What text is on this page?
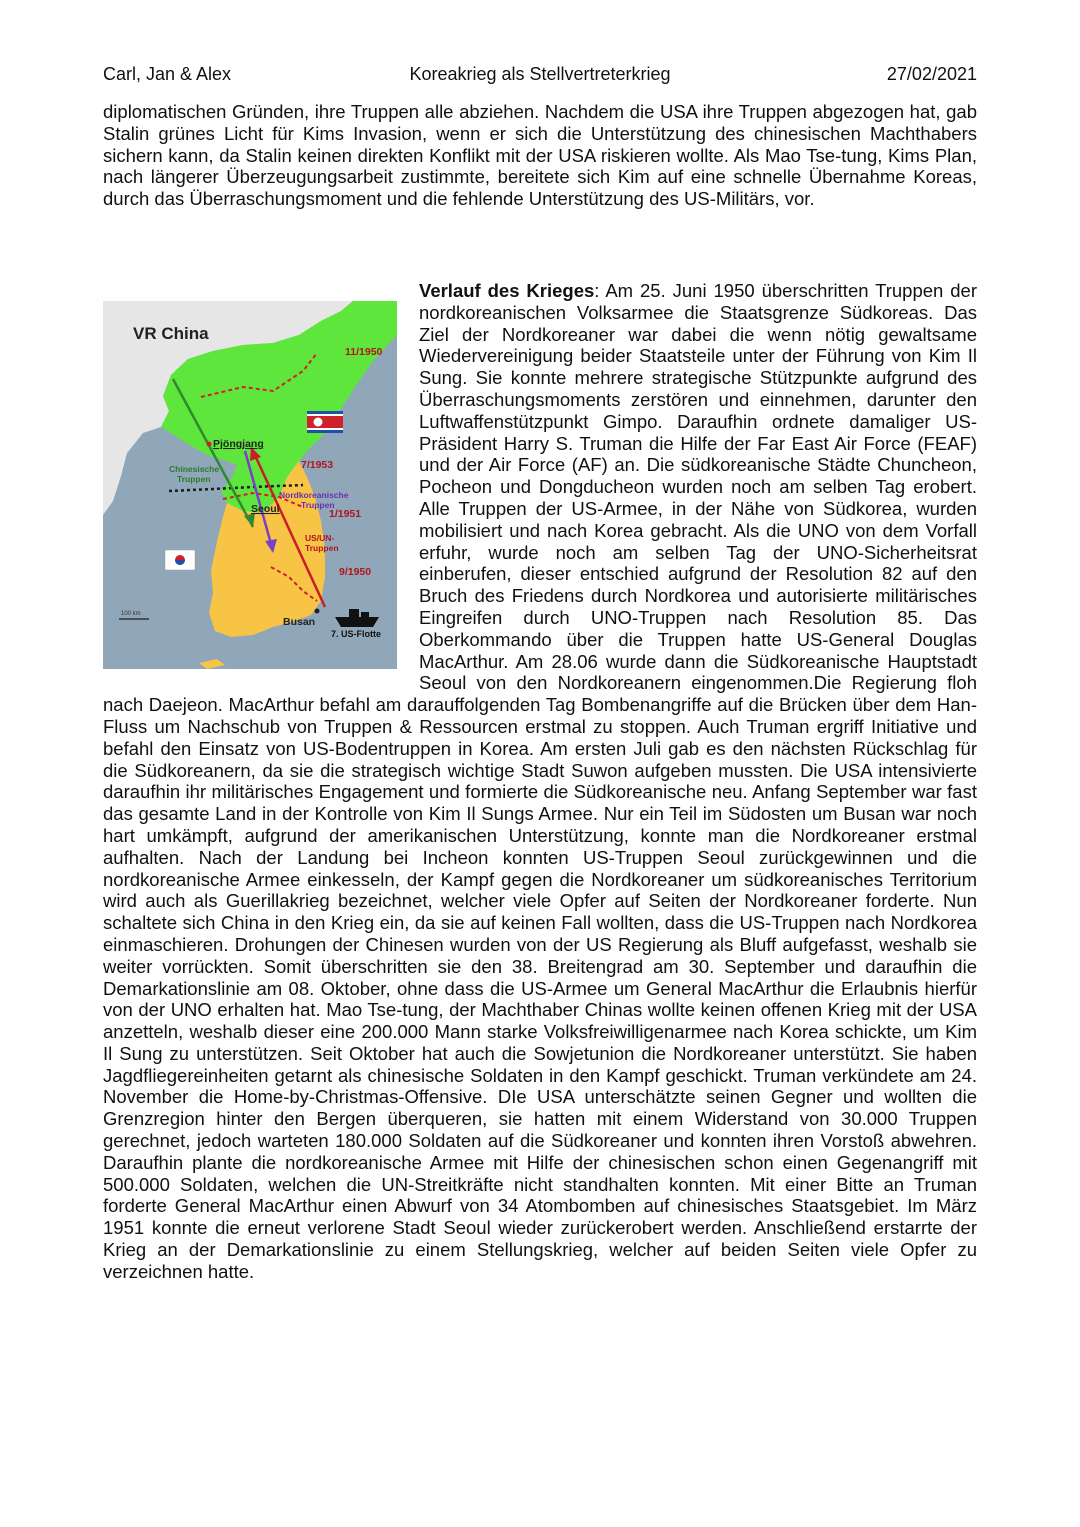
Carl, Jan & Alex	Koreakrieg als Stellvertreterkrieg	27/02/2021

diplomatischen Gründen, ihre Truppen alle abziehen. Nachdem die USA ihre Truppen abgezogen hat, gab Stalin grünes Licht für Kims Invasion, wenn er sich die Unterstützung des chinesischen Machthabers sichern kann, da Stalin keinen direkten Konflikt mit der USA riskieren wollte. Als Mao Tse-tung, Kims Plan, nach längerer Überzeugungsarbeit zustimmte, bereitete sich Kim auf eine schnelle Übernahme Koreas, durch das Überraschungsmoment und die fehlende Unterstützung des US-Militärs, vor.

VR China
11/1950
Pjöngjang
Chinesische
Truppen
7/1953
Nordkoreanische
Truppen
Seoul	1/1951
US/UN-
Truppen
9/1950
Busan
7. US-Flotte
100 km

Verlauf des Krieges: Am 25. Juni 1950 überschritten Truppen der nordkoreanischen Volksarmee die Staatsgrenze Südkoreas. Das Ziel der Nordkoreaner war dabei die wenn nötig gewaltsame Wiedervereinigung beider Staatsteile unter der Führung von Kim Il Sung. Sie konnte mehrere strategische Stützpunkte aufgrund des Überraschungsmoments zerstören und einnehmen, darunter den Luftwaffenstützpunkt Gimpo. Daraufhin ordnete damaliger US-Präsident Harry S. Truman die Hilfe der Far East Air Force (FEAF) und der Air Force (AF) an. Die südkoreanische Städte Chuncheon, Pocheon und Dongducheon wurden noch am selben Tag erobert. Alle Truppen der US-Armee, in der Nähe von Südkorea, wurden mobilisiert und nach Korea gebracht. Als die UNO von dem Vorfall erfuhr, wurde noch am selben Tag der UNO-Sicherheitsrat einberufen, dieser entschied aufgrund der Resolution 82 auf den Bruch des Friedens durch Nordkorea und autorisierte militärisches Eingreifen durch UNO-Truppen nach Resolution 85. Das Oberkommando über die Truppen hatte US-General Douglas MacArthur. Am 28.06 wurde dann die Südkoreanische Hauptstadt Seoul von den Nordkoreanern eingenommen.Die Regierung floh nach Daejeon. MacArthur befahl am darauffolgenden Tag Bombenangriffe auf die Brücken über dem Han-Fluss um Nachschub von Truppen & Ressourcen erstmal zu stoppen. Auch Truman ergriff Initiative und befahl den Einsatz von US-Bodentruppen in Korea. Am ersten Juli gab es den nächsten Rückschlag für die Südkoreanern, da sie die strategisch wichtige Stadt Suwon aufgeben mussten. Die USA intensivierte daraufhin ihr militärisches Engagement und formierte die Südkoreanische neu. Anfang September war fast das gesamte Land in der Kontrolle von Kim Il Sungs Armee. Nur ein Teil im Südosten um Busan war noch hart umkämpft, aufgrund der amerikanischen Unterstützung, konnte man die Nordkoreaner erstmal aufhalten. Nach der Landung bei Incheon konnten US-Truppen Seoul zurückgewinnen und die nordkoreanische Armee einkesseln, der Kampf gegen die Nordkoreaner um südkoreanisches Territorium wird auch als Guerillakrieg bezeichnet, welcher viele Opfer auf Seiten der Nordkoreaner forderte. Nun schaltete sich China in den Krieg ein, da sie auf keinen Fall wollten, dass die US-Truppen nach Nordkorea einmaschieren. Drohungen der Chinesen wurden von der US Regierung als Bluff aufgefasst, weshalb sie weiter vorrückten. Somit überschritten sie den 38. Breitengrad am 30. September und daraufhin die Demarkationslinie am 08. Oktober, ohne dass die US-Armee um General MacArthur die Erlaubnis hierfür von der UNO erhalten hat. Mao Tse-tung, der Machthaber Chinas wollte keinen offenen Krieg mit der USA anzetteln, weshalb dieser eine 200.000 Mann starke Volksfreiwilligenarmee nach Korea schickte, um Kim Il Sung zu unterstützen. Seit Oktober hat auch die Sowjetunion die Nordkoreaner unterstützt. Sie haben Jagdfliegereinheiten getarnt als chinesische Soldaten in den Kampf geschickt. Truman verkündete am 24. November die Home-by-Christmas-Offensive. DIe USA unterschätzte seinen Gegner und wollten die Grenzregion hinter den Bergen überqueren, sie hatten mit einem Widerstand von 30.000 Truppen gerechnet, jedoch warteten 180.000 Soldaten auf die Südkoreaner und konnten ihren Vorstoß abwehren. Daraufhin plante die nordkoreanische Armee mit Hilfe der chinesischen schon einen Gegenangriff mit 500.000 Soldaten, welchen die UN-Streitkräfte nicht standhalten konnten. Mit einer Bitte an Truman forderte General MacArthur einen Abwurf von 34 Atombomben auf chinesisches Staatsgebiet. Im März 1951 konnte die erneut verlorene Stadt Seoul wieder zurückerobert werden. Anschließend erstarrte der Krieg an der Demarkationslinie zu einem Stellungskrieg, welcher auf beiden Seiten viele Opfer zu verzeichnen hatte.
